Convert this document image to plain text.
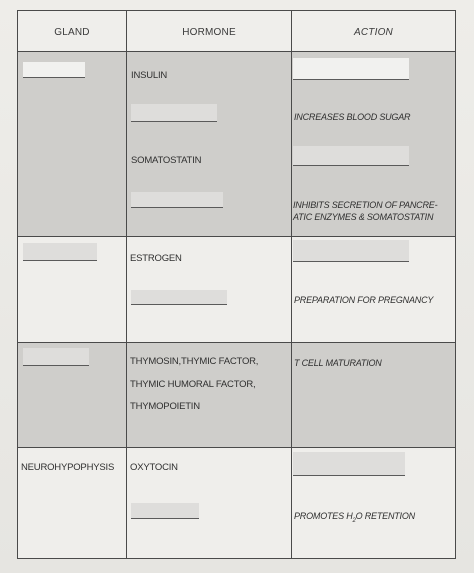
GLAND	HORMONE	ACTION
INSULIN
SOMATOSTATIN
INCREASES BLOOD SUGAR
INHIBITS SECRETION OF PANCRE-
ATIC ENZYMES & SOMATOSTATIN
ESTROGEN
PREPARATION FOR PREGNANCY
THYMOSIN,THYMIC FACTOR,
THYMIC HUMORAL FACTOR,
THYMOPOIETIN
T CELL MATURATION
NEUROHYPOPHYSIS OXYTOCIN
PROMOTES $H_2O$ RETENTION
